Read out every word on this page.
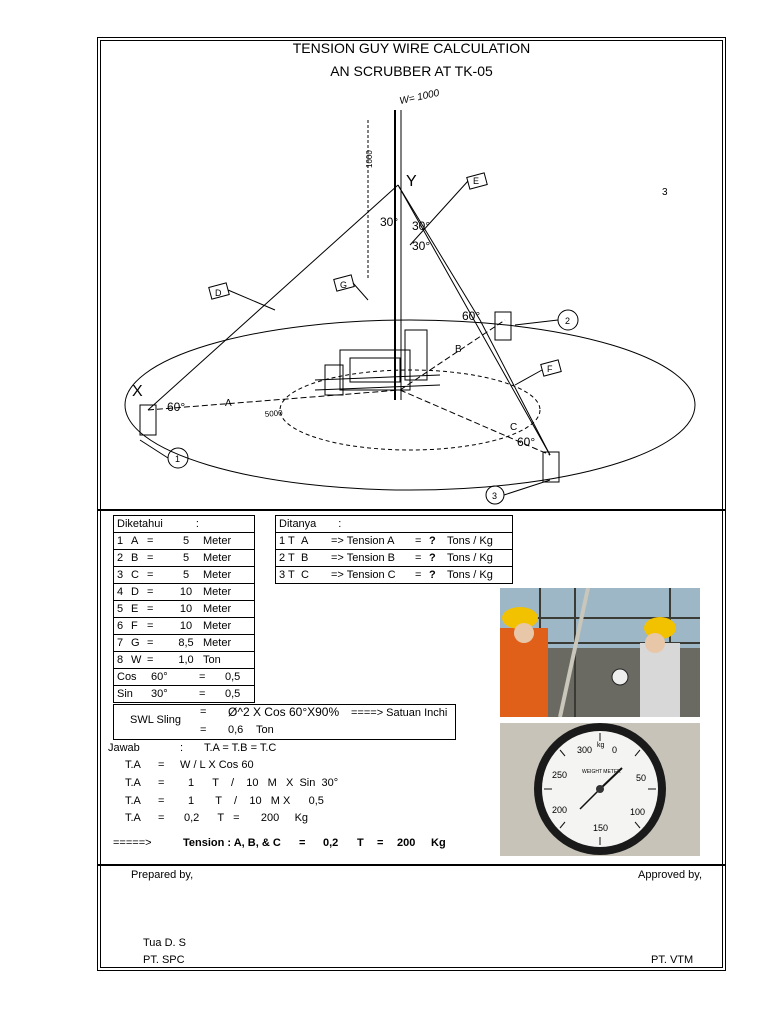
TENSION GUY WIRE CALCULATION
AN SCRUBBER AT TK-05
W= 1000
Y
X
3
30° 30°
30°
60°
60°
60°
D
G
E
F
A
B
C
1
2
3
5000
1000
Diketahui	:
1 A =	5 Meter
2 B =	5 Meter
3 C =	5 Meter
4 D = 10 Meter
5 E = 10 Meter
6 F = 10 Meter
7 G = 8,5 Meter
8 W = 1,0 Ton
Cos 60°	= 0,5
Sin 30°	= 0,5
Ditanya :
1 T A => Tension A = ? Tons / Kg
2 T B => Tension B = ? Tons / Kg
3 T C => Tension C = ? Tons / Kg
SWL Sling
= Ø^2 X Cos 60°X90% ====> Satuan Inchi
= 0,6 Ton
Jawab	: T.A = T.B = T.C
T.A = W / L X Cos 60
T.A = 1      T    /    10   M   X  Sin  30°
T.A = 1       T    /    10   M X      0,5
T.A = 0,2      T   =       200     Kg
=====>	Tension : A, B, & C = 0,2 T = 200 Kg
300 0
250	50
200	100
150
kg
WEIGHT METER
Prepared by,	Approved by,
Tua D. S
PT. SPC	PT. VTM
